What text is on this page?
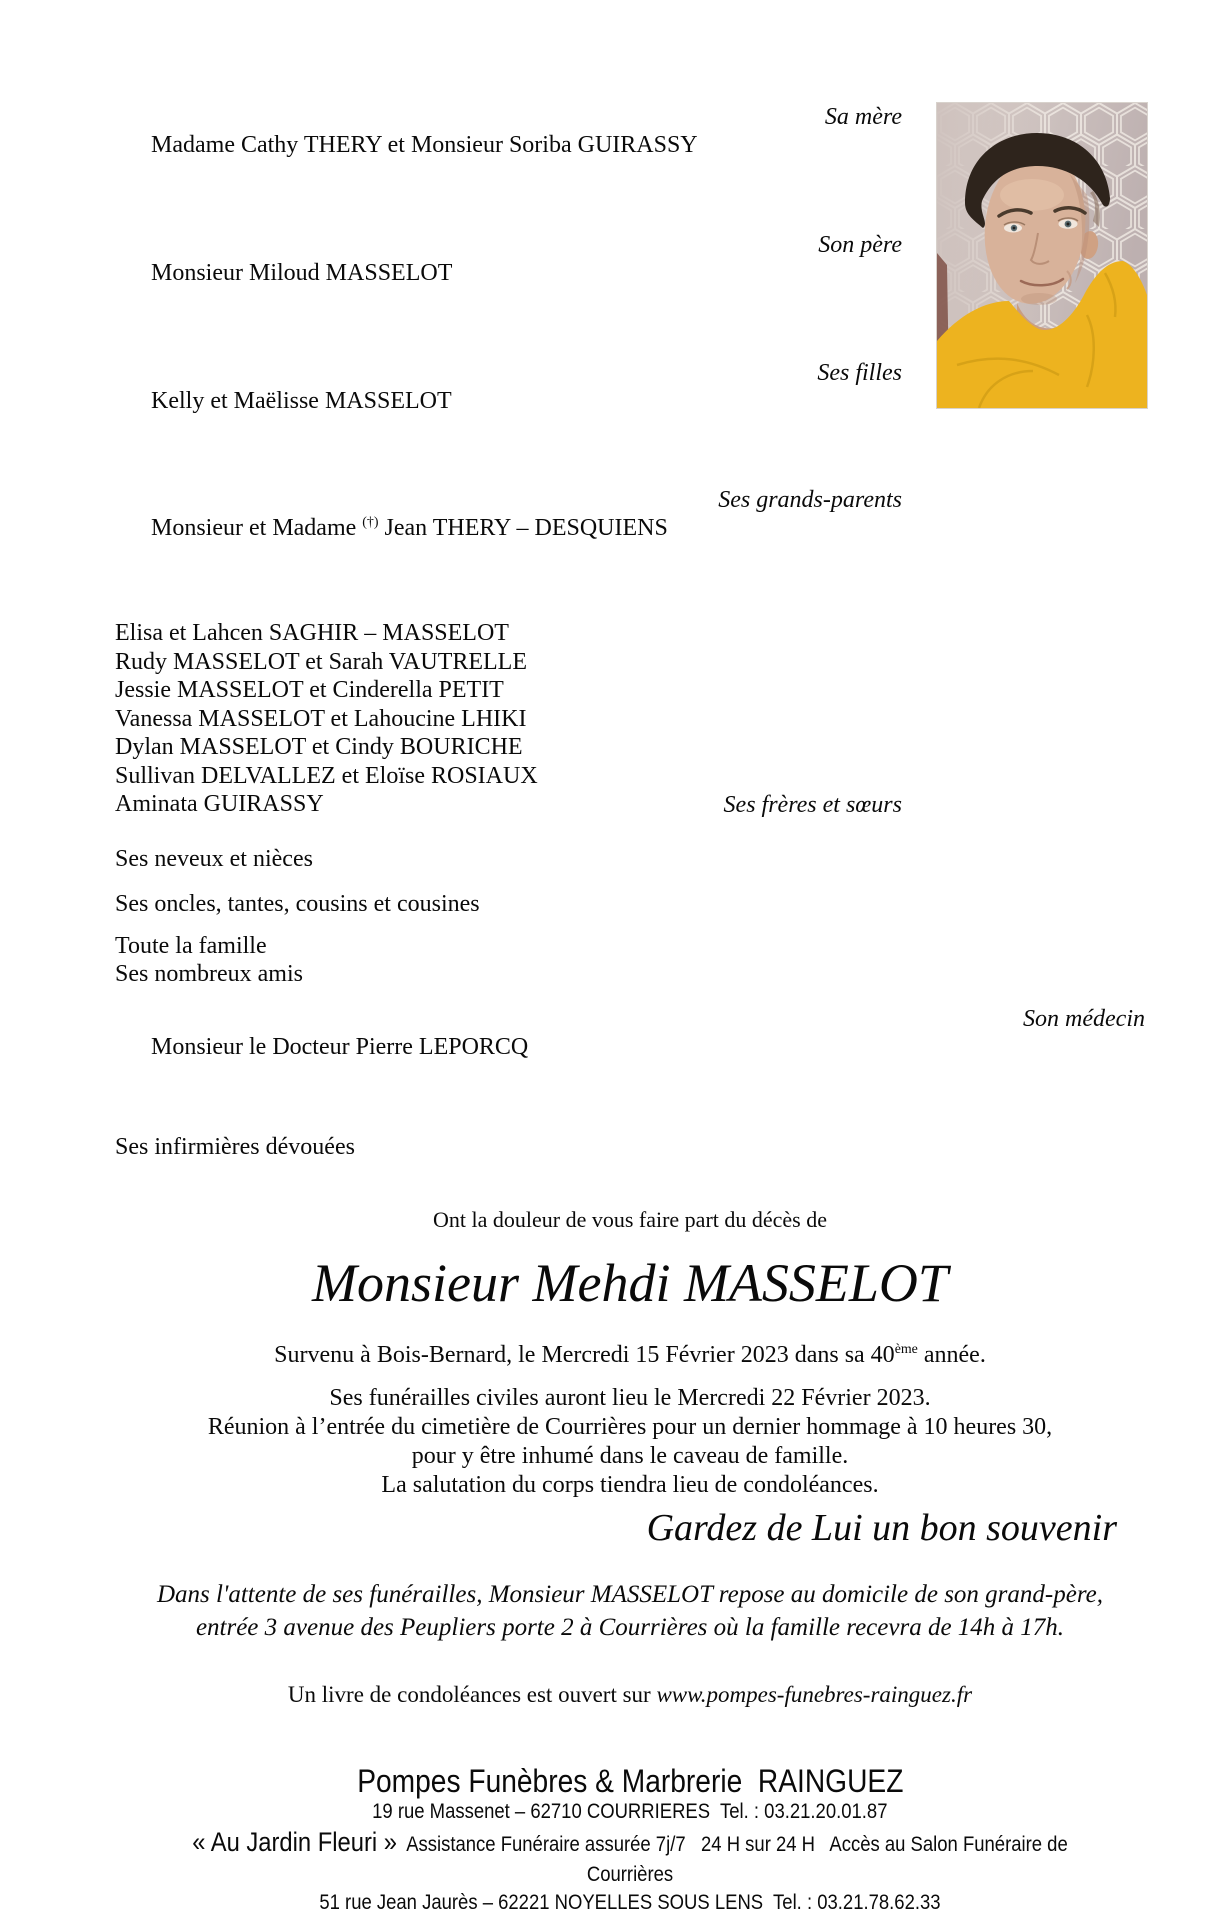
Madame Cathy THERY et Monsieur Soriba GUIRASSY

Sa mère

Monsieur Miloud MASSELOT

Son père

Kelly et Maëlisse MASSELOT

Ses filles

Monsieur et Madame (†) Jean THERY – DESQUIENS

Ses grands-parents

Elisa et Lahcen SAGHIR – MASSELOT
Rudy MASSELOT et Sarah VAUTRELLE
Jessie MASSELOT et Cinderella PETIT
Vanessa MASSELOT et Lahoucine LHIKI
Dylan MASSELOT et Cindy BOURICHE
Sullivan DELVALLEZ et Eloïse ROSIAUX
Aminata GUIRASSY	Ses frères et sœurs
Ses neveux et nièces
Ses oncles, tantes, cousins et cousines
Toute la famille
Ses nombreux amis

Monsieur le Docteur Pierre LEPORCQ

Son médecin

Ses infirmières dévouées
Ont la douleur de vous faire part du décès de
Monsieur Mehdi MASSELOT
Survenu à Bois-Bernard, le Mercredi 15 Février 2023 dans sa 40ème année.
Ses funérailles civiles auront lieu le Mercredi 22 Février 2023.
Réunion à l’entrée du cimetière de Courrières pour un dernier hommage à 10 heures 30,
pour y être inhumé dans le caveau de famille.
La salutation du corps tiendra lieu de condoléances.
Gardez de Lui un bon souvenir
Dans l'attente de ses funérailles, Monsieur MASSELOT repose au domicile de son grand-père,
entrée 3 avenue des Peupliers porte 2 à Courrières où la famille recevra de 14h à 17h.
Un livre de condoléances est ouvert sur www.pompes-funebres-rainguez.fr
Pompes Funèbres & Marbrerie  RAINGUEZ
19 rue Massenet – 62710 COURRIERES  Tel. : 03.21.20.01.87
« Au Jardin Fleuri »  Assistance Funéraire assurée 7j/7   24 H sur 24 H   Accès au Salon Funéraire de Courrières
51 rue Jean Jaurès – 62221 NOYELLES SOUS LENS  Tel. : 03.21.78.62.33
